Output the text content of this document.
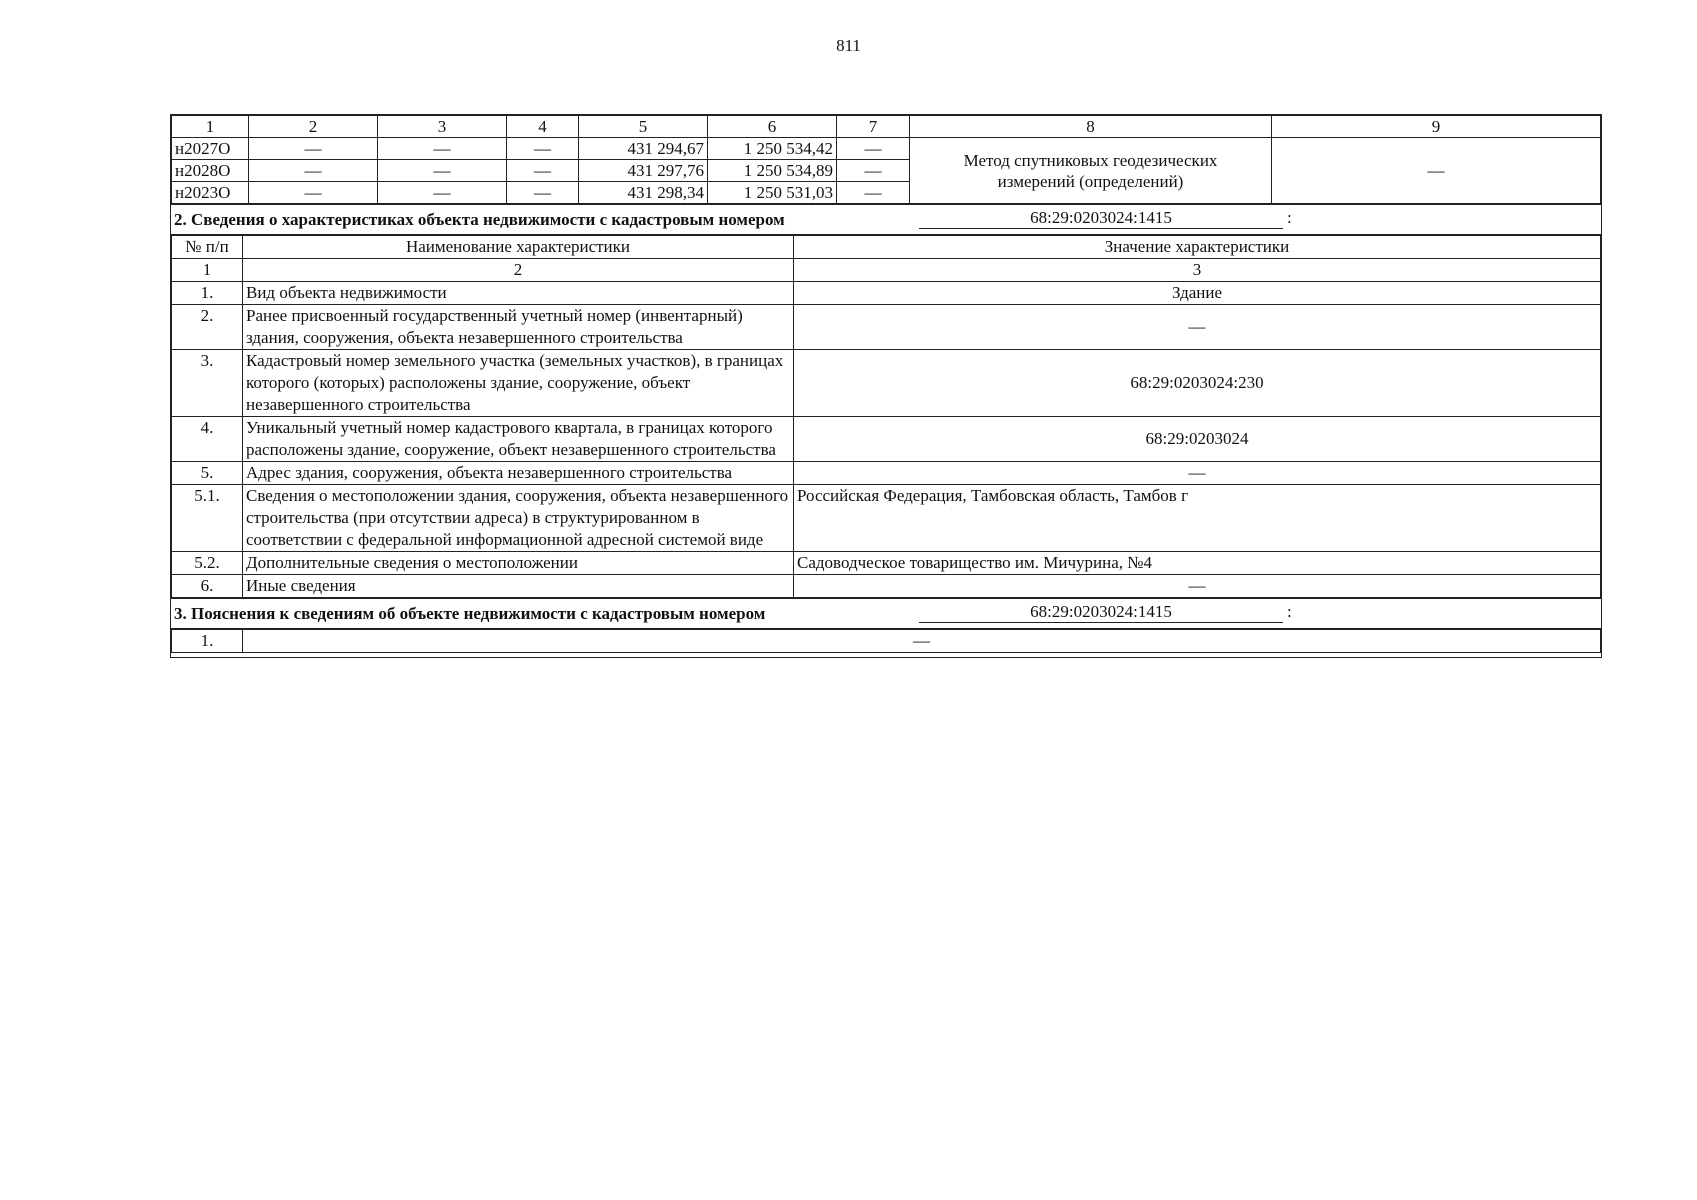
811
1	2	3	4	5	6	7	8	9
н2027О	—	—	—	431 294,67	1 250 534,42	—	Метод спутниковых геодезических измерений (определений)	—
н2028О	—	—	—	431 297,76	1 250 534,89	—		
н2023О	—	—	—	431 298,34	1 250 531,03	—		
2. Сведения о характеристиках объекта недвижимости с кадастровым номером	68:29:0203024:1415	:
№ п/п	Наименование характеристики	Значение характеристики
1	2	3
1.	Вид объекта недвижимости	Здание
2.	Ранее присвоенный государственный учетный номер (инвентарный) здания, сооружения, объекта незавершенного строительства	—
3.	Кадастровый номер земельного участка (земельных участков), в границах которого (которых) расположены здание, сооружение, объект незавершенного строительства	68:29:0203024:230
4.	Уникальный учетный номер кадастрового квартала, в границах которого расположены здание, сооружение, объект незавершенного строительства	68:29:0203024
5.	Адрес здания, сооружения, объекта незавершенного строительства	—
5.1.	Сведения о местоположении здания, сооружения, объекта незавершенного строительства (при отсутствии адреса) в структурированном в соответствии с федеральной информационной адресной системой виде	Российская Федерация, Тамбовская область, Тамбов г
5.2.	Дополнительные сведения о местоположении	Садоводческое товарищество им. Мичурина, №4
6.	Иные сведения	—
3. Пояснения к сведениям об объекте недвижимости с кадастровым номером	68:29:0203024:1415	:
1.	—
